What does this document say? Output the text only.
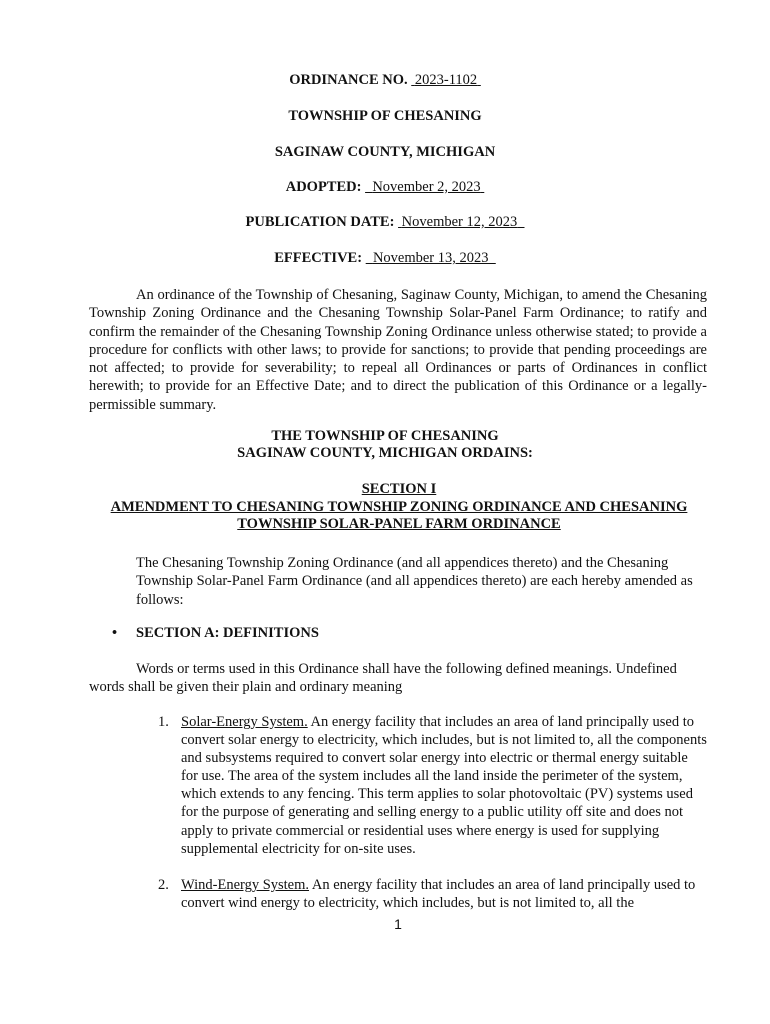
ORDINANCE NO. 2023-1102
TOWNSHIP OF CHESANING
SAGINAW COUNTY, MICHIGAN
ADOPTED: November 2, 2023
PUBLICATION DATE: November 12, 2023
EFFECTIVE: November 13, 2023

An ordinance of the Township of Chesaning, Saginaw County, Michigan, to amend the Chesaning Township Zoning Ordinance and the Chesaning Township Solar-Panel Farm Ordinance; to ratify and confirm the remainder of the Chesaning Township Zoning Ordinance unless otherwise stated; to provide a procedure for conflicts with other laws; to provide for sanctions; to provide that pending proceedings are not affected; to provide for severability; to repeal all Ordinances or parts of Ordinances in conflict herewith; to provide for an Effective Date; and to direct the publication of this Ordinance or a legally-permissible summary.

THE TOWNSHIP OF CHESANING
SAGINAW COUNTY, MICHIGAN ORDAINS:
SECTION I
AMENDMENT TO CHESANING TOWNSHIP ZONING ORDINANCE AND CHESANING
TOWNSHIP SOLAR-PANEL FARM ORDINANCE

The Chesaning Township Zoning Ordinance (and all appendices thereto) and the Chesaning Township Solar-Panel Farm Ordinance (and all appendices thereto) are each hereby amended as follows:

• SECTION A: DEFINITIONS

Words or terms used in this Ordinance shall have the following defined meanings. Undefined words shall be given their plain and ordinary meaning

1. Solar-Energy System. An energy facility that includes an area of land principally used to convert solar energy to electricity, which includes, but is not limited to, all the components and subsystems required to convert solar energy into electric or thermal energy suitable for use. The area of the system includes all the land inside the perimeter of the system, which extends to any fencing. This term applies to solar photovoltaic (PV) systems used for the purpose of generating and selling energy to a public utility off site and does not apply to private commercial or residential uses where energy is used for supplying supplemental electricity for on-site uses.
2. Wind-Energy System. An energy facility that includes an area of land principally used to convert wind energy to electricity, which includes, but is not limited to, all the
1
